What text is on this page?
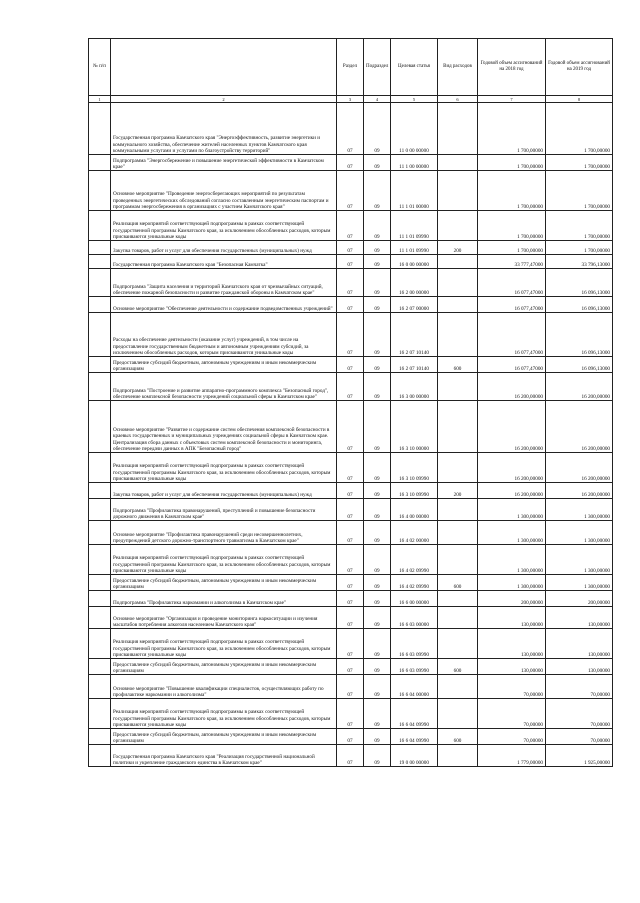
№ п/п		Раздел	Подраздел	Целевая статья	Вид расходов	Годовой объем ассигнований на 2018 год	Годовой объем ассигнований на 2019 год
1	2	3	4	5	6	7	8
	Государственная программа Камчатского края "Энергоэффективность, развитие энергетики и коммунального хозяйства, обеспечение жителей населенных пунктов Камчатского края коммунальными услугами и услугами по благоустройству территорий"	07	09	11 0 00 00000		1 700,00000	1 700,00000
	Подпрограмма "Энергосбережение и повышение энергетической эффективности в Камчатском крае"	07	09	11 1 00 00000		1 700,00000	1 700,00000
	Основное мероприятие "Проведение энергосберегающих мероприятий по результатам проведенных энергетических обследований согласно составленным энергетическим паспортам и программам энергосбережения в организациях с участием Камчатского края"	07	09	11 1 01 00000		1 700,00000	1 700,00000
	Реализация мероприятий соответствующей подпрограммы в рамках соответствующей государственной программы Камчатского края, за исключением обособленных расходов, которым присваиваются уникальные коды	07	09	11 1 01 09990		1 700,00000	1 700,00000
	Закупка товаров, работ и услуг для обеспечения государственных (муниципальных) нужд	07	09	11 1 01 09990	200	1 700,00000	1 700,00000
	Государственная программа Камчатского края "Безопасная Камчатка"	07	09	16 0 00 00000		33 777,47000	33 796,13000
	Подпрограмма "Защита населения и территорий Камчатского края от чрезвычайных ситуаций, обеспечение пожарной безопасности и развитие гражданской обороны в Камчатском крае"	07	09	16 2 00 00000		16 077,47000	16 096,13000
	Основное мероприятие "Обеспечение деятельности и содержание подведомственных учреждений"	07	09	16 2 07 00000		16 077,47000	16 096,13000
	Расходы на обеспечение деятельности (оказание услуг) учреждений, в том числе на предоставление государственным бюджетным и автономным учреждениям субсидий, за исключением обособленных расходов, которым присваиваются уникальные коды	07	09	16 2 07 10140		16 077,47000	16 096,13000
	Предоставление субсидий бюджетным, автономным учреждениям и иным некоммерческим организациям	07	09	16 2 07 10140	600	16 077,47000	16 096,13000
	Подпрограмма "Построение и развитие аппаратно-программного комплекса "Безопасный город", обеспечение комплексной безопасности учреждений социальной сферы в Камчатском крае"	07	09	16 3 00 00000		16 200,00000	16 200,00000
	Основное мероприятие "Развитие и содержание систем обеспечения комплексной безопасности в краевых государственных и муниципальных учреждениях социальной сферы в Камчатском крае. Централизация сбора данных с объектовых систем комплексной безопасности и мониторинга, обеспечение передачи данных в АПК "Безопасный город"	07	09	16 3 10 00000		16 200,00000	16 200,00000
	Реализация мероприятий соответствующей подпрограммы в рамках соответствующей государственной программы Камчатского края, за исключением обособленных расходов, которым присваиваются уникальные коды	07	09	16 3 10 09990		16 200,00000	16 200,00000
	Закупка товаров, работ и услуг для обеспечения государственных (муниципальных) нужд	07	09	16 3 10 09990	200	16 200,00000	16 200,00000
	Подпрограмма "Профилактика правонарушений, преступлений и повышение безопасности дорожного движения в Камчатском крае"	07	09	16 4 00 00000		1 300,00000	1 300,00000
	Основное мероприятие "Профилактика правонарушений среди несовершеннолетних, предупреждений детского дорожно-транспортного травматизма в Камчатском крае"	07	09	16 4 02 00000		1 300,00000	1 300,00000
	Реализация мероприятий соответствующей подпрограммы в рамках соответствующей государственной программы Камчатского края, за исключением обособленных расходов, которым присваиваются уникальные коды	07	09	16 4 02 09990		1 300,00000	1 300,00000
	Предоставление субсидий бюджетным, автономным учреждениям и иным некоммерческим организациям	07	09	16 4 02 09990	600	1 300,00000	1 300,00000
	Подпрограмма "Профилактика наркомании и алкоголизма в Камчатском крае"	07	09	16 6 00 00000		200,00000	200,00000
	Основное мероприятие "Организация и проведение мониторинга наркоситуации и изучения масштабов потребления алкоголя населением Камчатского края"	07	09	16 6 03 00000		130,00000	130,00000
	Реализация мероприятий соответствующей подпрограммы в рамках соответствующей государственной программы Камчатского края, за исключением обособленных расходов, которым присваиваются уникальные коды	07	09	16 6 03 09990		130,00000	130,00000
	Предоставление субсидий бюджетным, автономным учреждениям и иным некоммерческим организациям	07	09	16 6 03 09990	600	130,00000	130,00000
	Основное мероприятие "Повышение квалификации специалистов, осуществляющих работу по профилактике наркомании и алкоголизма"	07	09	16 6 04 00000		70,00000	70,00000
	Реализация мероприятий соответствующей подпрограммы в рамках соответствующей государственной программы Камчатского края, за исключением обособленных расходов, которым присваиваются уникальные коды	07	09	16 6 04 09990		70,00000	70,00000
	Предоставление субсидий бюджетным, автономным учреждениям и иным некоммерческим организациям	07	09	16 6 04 09990	600	70,00000	70,00000
	Государственная программа Камчатского края "Реализация государственной национальной политики и укрепление гражданского единства в Камчатском крае"	07	09	19 0 00 00000		1 779,00000	1 925,00000
